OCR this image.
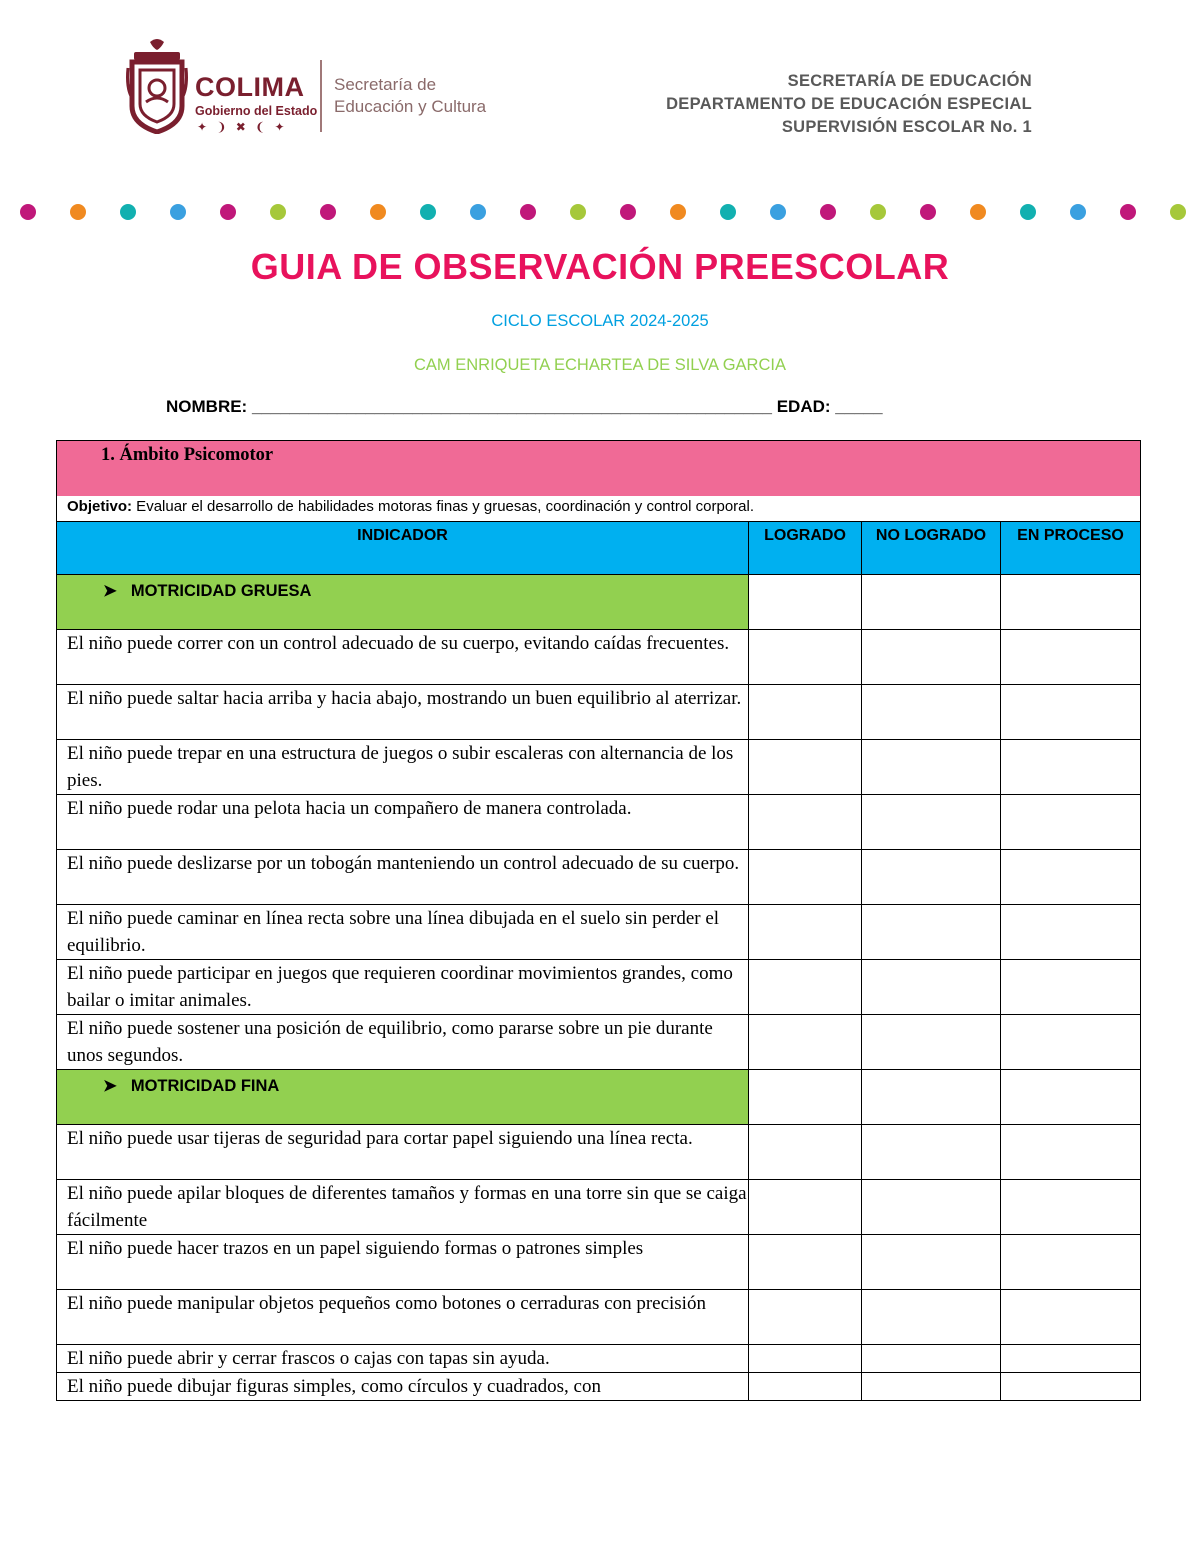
COLIMA
Gobierno del Estado
✦ ❩ ✖ ❨ ✦
Secretaría de
Educación y Cultura
SECRETARÍA DE EDUCACIÓN
DEPARTAMENTO DE EDUCACIÓN ESPECIAL
SUPERVISIÓN ESCOLAR No. 1
GUIA DE OBSERVACIÓN PREESCOLAR
CICLO ESCOLAR 2024-2025
CAM ENRIQUETA ECHARTEA DE SILVA GARCIA
NOMBRE: _______________________________________________________ EDAD: _____
1. Ámbito Psicomotor			

Objetivo: Evaluar el desarrollo de habilidades motoras finas y gruesas, coordinación y control corporal.			
INDICADOR	LOGRADO	NO LOGRADO	EN PROCESO

➤ MOTRICIDAD GRUESA			

El niño puede correr con un control adecuado de su cuerpo, evitando caídas frecuentes.			
El niño puede saltar hacia arriba y hacia abajo, mostrando un buen equilibrio al aterrizar.			
El niño puede trepar en una estructura de juegos o subir escaleras con alternancia de los pies.			
El niño puede rodar una pelota hacia un compañero de manera controlada.			
El niño puede deslizarse por un tobogán manteniendo un control adecuado de su cuerpo.			
El niño puede caminar en línea recta sobre una línea dibujada en el suelo sin perder el equilibrio.			
El niño puede participar en juegos que requieren coordinar movimientos grandes, como bailar o imitar animales.			
El niño puede sostener una posición de equilibrio, como pararse sobre un pie durante unos segundos.			

➤ MOTRICIDAD FINA			

El niño puede usar tijeras de seguridad para cortar papel siguiendo una línea recta.			
El niño puede apilar bloques de diferentes tamaños y formas en una torre sin que se caiga fácilmente			
El niño puede hacer trazos en un papel siguiendo formas o patrones simples			
El niño puede manipular objetos pequeños como botones o cerraduras con precisión			
El niño puede abrir y cerrar frascos o cajas con tapas sin ayuda.			
El niño puede dibujar figuras simples, como círculos y cuadrados, con			
